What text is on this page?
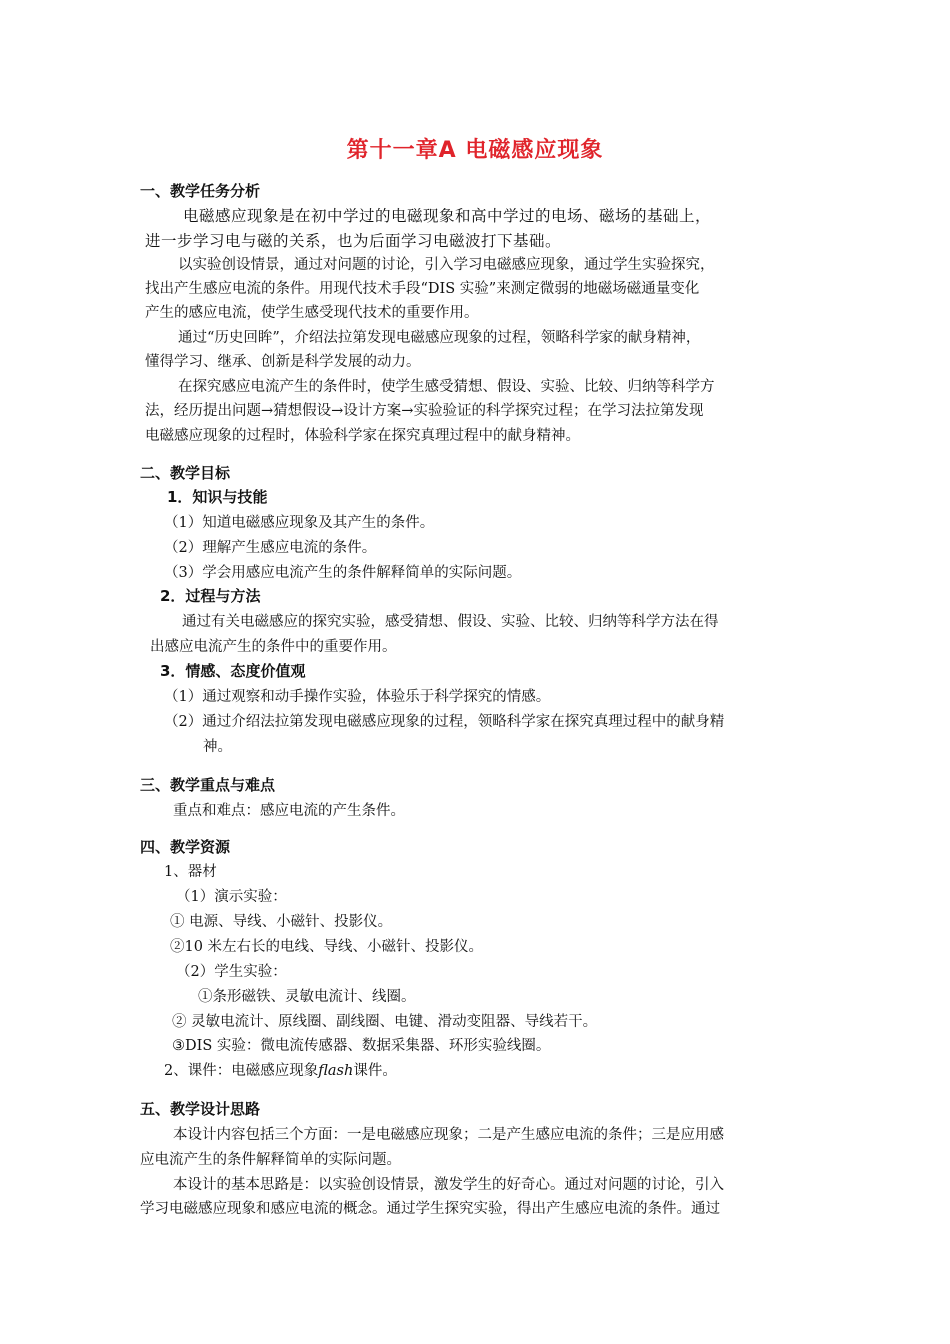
第十一章A 电磁感应现象
一、教学任务分析
电磁感应现象是在初中学过的电磁现象和高中学过的电场、磁场的基础上，
进一步学习电与磁的关系，也为后面学习电磁波打下基础。
以实验创设情景，通过对问题的讨论，引入学习电磁感应现象，通过学生实验探究，
找出产生感应电流的条件。用现代技术手段“DIS 实验”来测定微弱的地磁场磁通量变化
产生的感应电流，使学生感受现代技术的重要作用。
通过“历史回眸”，介绍法拉第发现电磁感应现象的过程，领略科学家的献身精神，
懂得学习、继承、创新是科学发展的动力。
在探究感应电流产生的条件时，使学生感受猜想、假设、实验、比较、归纳等科学方
法，经历提出问题→猜想假设→设计方案→实验验证的科学探究过程；在学习法拉第发现
电磁感应现象的过程时，体验科学家在探究真理过程中的献身精神。
二、教学目标
1．知识与技能
（1）知道电磁感应现象及其产生的条件。
（2）理解产生感应电流的条件。
（3）学会用感应电流产生的条件解释简单的实际问题。
2．过程与方法
通过有关电磁感应的探究实验，感受猜想、假设、实验、比较、归纳等科学方法在得
出感应电流产生的条件中的重要作用。
3．情感、态度价值观
（1）通过观察和动手操作实验，体验乐于科学探究的情感。
（2）通过介绍法拉第发现电磁感应现象的过程，领略科学家在探究真理过程中的献身精
神。
三、教学重点与难点
重点和难点：感应电流的产生条件。
四、教学资源
1、器材
（1）演示实验：
① 电源、导线、小磁针、投影仪。
②10 米左右长的电线、导线、小磁针、投影仪。
（2）学生实验：
①条形磁铁、灵敏电流计、线圈。
② 灵敏电流计、原线圈、副线圈、电键、滑动变阻器、导线若干。
③DIS 实验：微电流传感器、数据采集器、环形实验线圈。
2、课件：电磁感应现象flash课件。
五、教学设计思路
本设计内容包括三个方面：一是电磁感应现象；二是产生感应电流的条件；三是应用感
应电流产生的条件解释简单的实际问题。
本设计的基本思路是：以实验创设情景，激发学生的好奇心。通过对问题的讨论，引入
学习电磁感应现象和感应电流的概念。通过学生探究实验，得出产生感应电流的条件。通过
